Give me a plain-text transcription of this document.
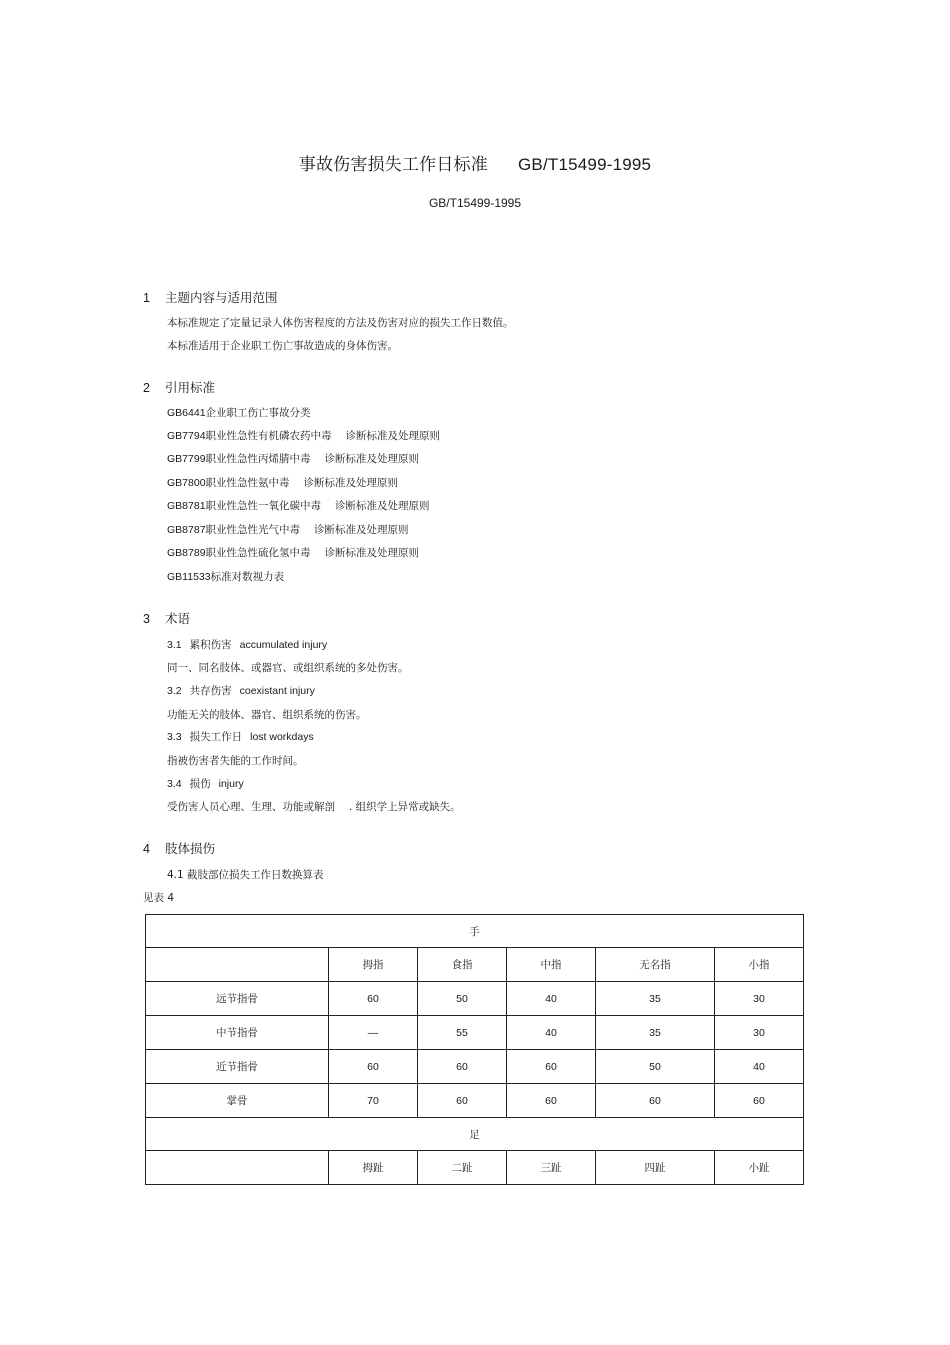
事故伤害损失工作日标准 GB/T15499-1995
GB/T15499-1995
1 主题内容与适用范围
本标准规定了定量记录人体伤害程度的方法及伤害对应的损失工作日数值。
本标准适用于企业职工伤亡事故造成的身体伤害。
2 引用标准
GB6441企业职工伤亡事故分类
GB7794职业性急性有机磷农药中毒 诊断标准及处理原则
GB7799职业性急性丙烯腈中毒 诊断标准及处理原则
GB7800职业性急性氨中毒 诊断标准及处理原则
GB8781职业性急性一氧化碳中毒 诊断标准及处理原则
GB8787职业性急性光气中毒 诊断标准及处理原则
GB8789职业性急性硫化氢中毒 诊断标准及处理原则
GB11533标准对数视力表
3 术语
3.1 累积伤害 accumulated injury
同一、同名肢体、或器官、或组织系统的多处伤害。
3.2 共存伤害 coexistant injury
功能无关的肢体、器官、组织系统的伤害。
3.3 损失工作日 lost workdays
指被伤害者失能的工作时间。
3.4 损伤 injury
受伤害人员心理、生理、功能或解剖 . 组织学上异常或缺失。
4 肢体损伤
4.1 截肢部位损失工作日数换算表
见表 4
手					
	拇指	食指	中指	无名指	小指
远节指骨	60	50	40	35	30
中节指骨	—	55	40	35	30
近节指骨	60	60	60	50	40
掌骨	70	60	60	60	60
足					
	拇趾	二趾	三趾	四趾	小趾
